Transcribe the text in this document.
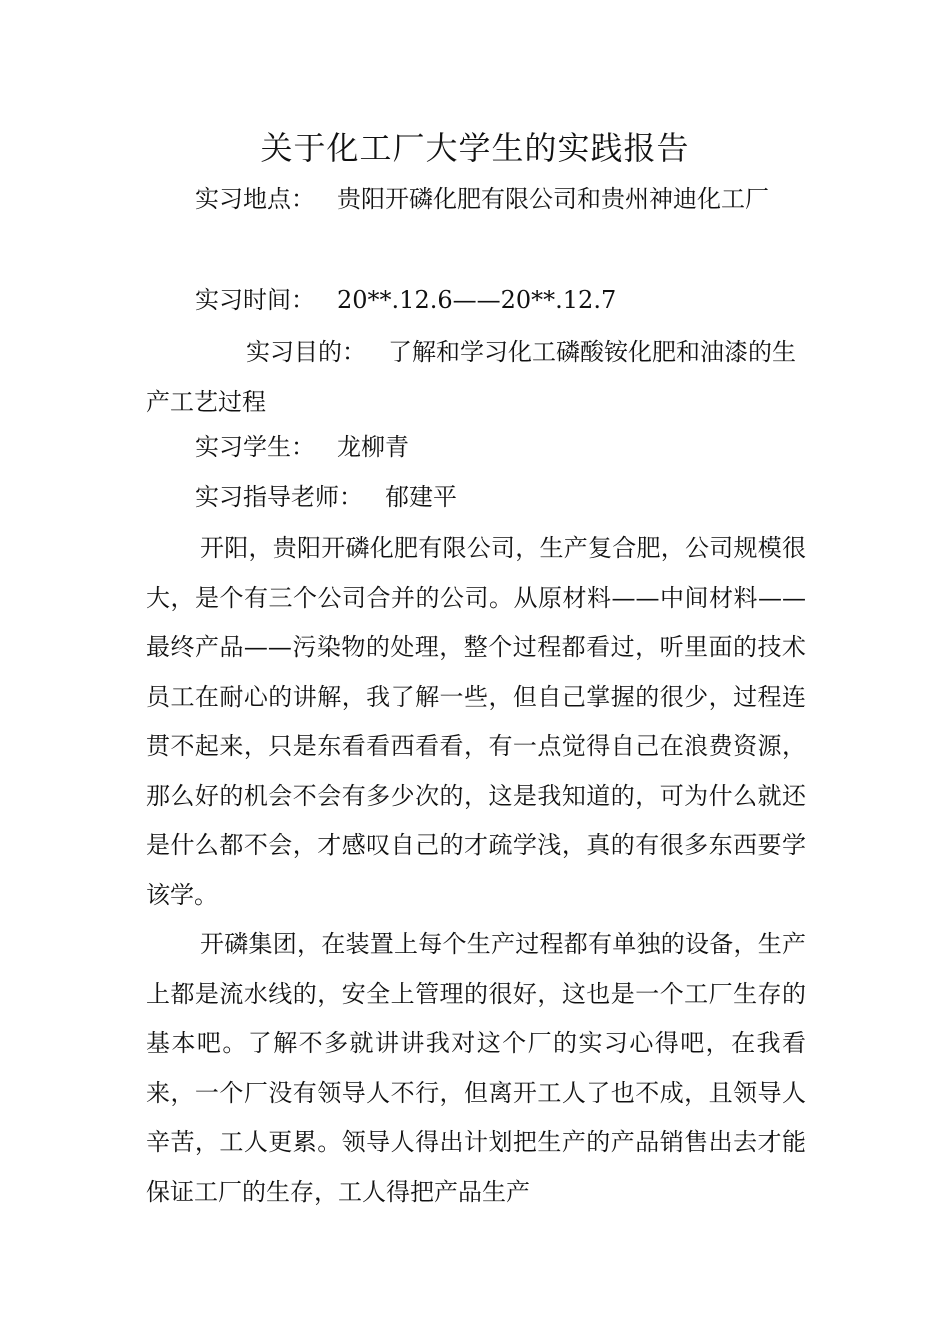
关于化工厂大学生的实践报告
实习地点： 贵阳开磷化肥有限公司和贵州神迪化工厂
实习时间： 20**.12.6——20**.12.7
实习目的： 了解和学习化工磷酸铵化肥和油漆的生产工艺过程
实习学生： 龙柳青
实习指导老师： 郁建平

开阳，贵阳开磷化肥有限公司，生产复合肥，公司规模很大，是个有三个公司合并的公司。从原材料——中间材料——最终产品——污染物的处理，整个过程都看过，听里面的技术员工在耐心的讲解，我了解一些，但自己掌握的很少，过程连贯不起来，只是东看看西看看，有一点觉得自己在浪费资源，那么好的机会不会有多少次的，这是我知道的，可为什么就还是什么都不会，才感叹自己的才疏学浅，真的有很多东西要学该学。

开磷集团，在装置上每个生产过程都有单独的设备，生产上都是流水线的，安全上管理的很好，这也是一个工厂生存的基本吧。了解不多就讲讲我对这个厂的实习心得吧，在我看来，一个厂没有领导人不行，但离开工人了也不成，且领导人辛苦，工人更累。领导人得出计划把生产的产品销售出去才能保证工厂的生存，工人得把产品生产
